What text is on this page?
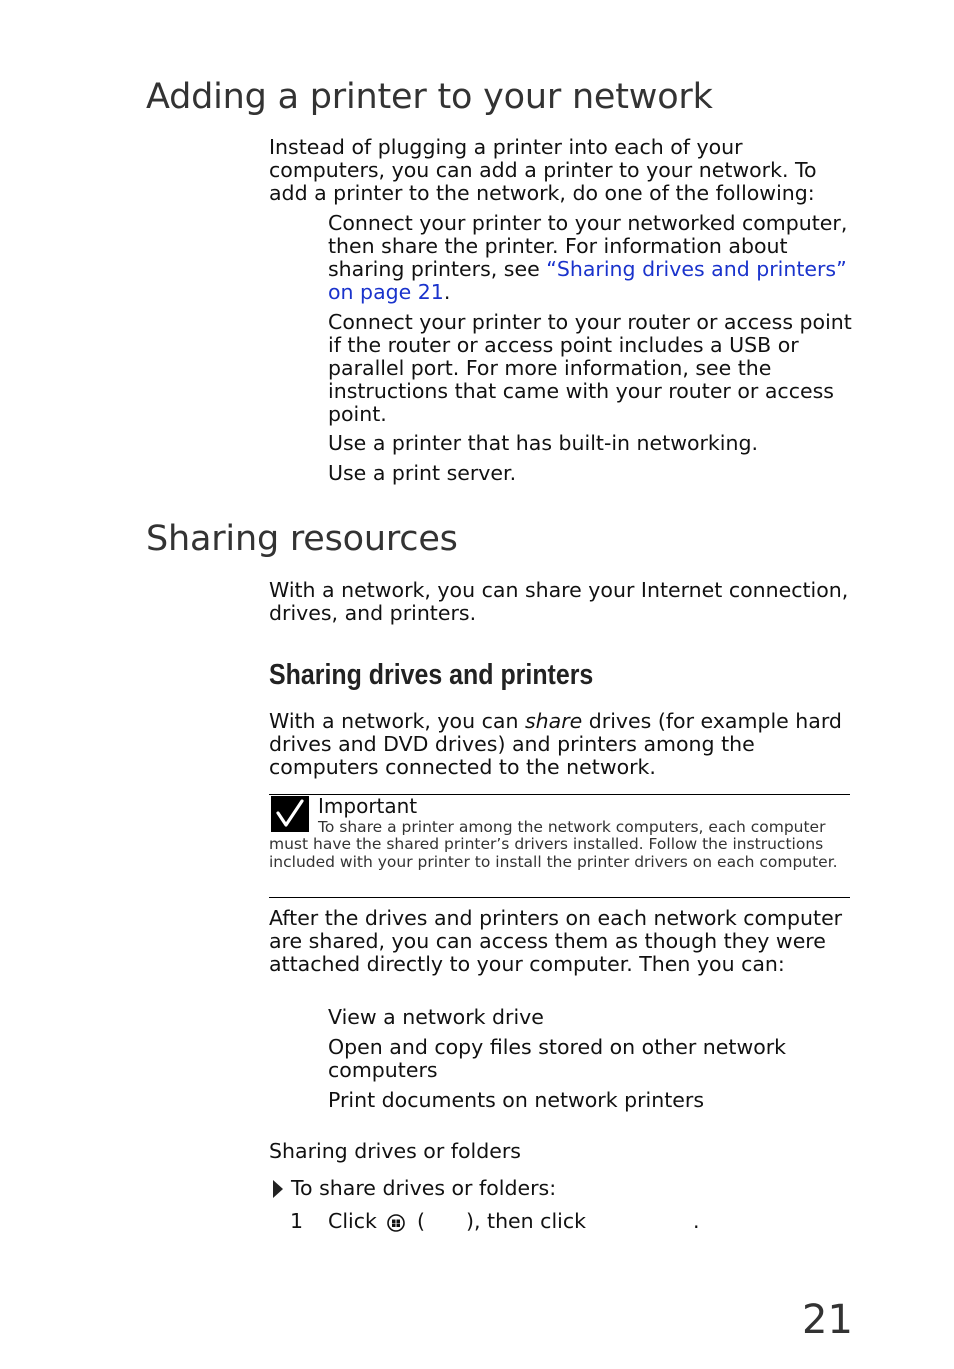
Adding a printer to your network

Instead of plugging a printer into each of your computers, you can add a printer to your network. To add a printer to the network, do one of the following:

Connect your printer to your networked computer, then share the printer. For information about sharing printers, see “Sharing drives and printers” on page 21.

Connect your printer to your router or access point if the router or access point includes a USB or parallel port. For more information, see the instructions that came with your router or access point.

Use a printer that has built-in networking.

Use a print server.

Sharing resources

With a network, you can share your Internet connection, drives, and printers.

Sharing drives and printers

With a network, you can share drives (for example hard drives and DVD drives) and printers among the computers connected to the network.

Important
To share a printer among the network computers, each computer must have the shared printer’s drivers installed. Follow the instructions included with your printer to install the printer drivers on each computer.

After the drives and printers on each network computer are shared, you can access them as though they were attached directly to your computer. Then you can:

View a network drive

Open and copy files stored on other network computers

Print documents on network printers

Sharing drives or folders
To share drives or folders:
1 Click ( ), then click	.
21
